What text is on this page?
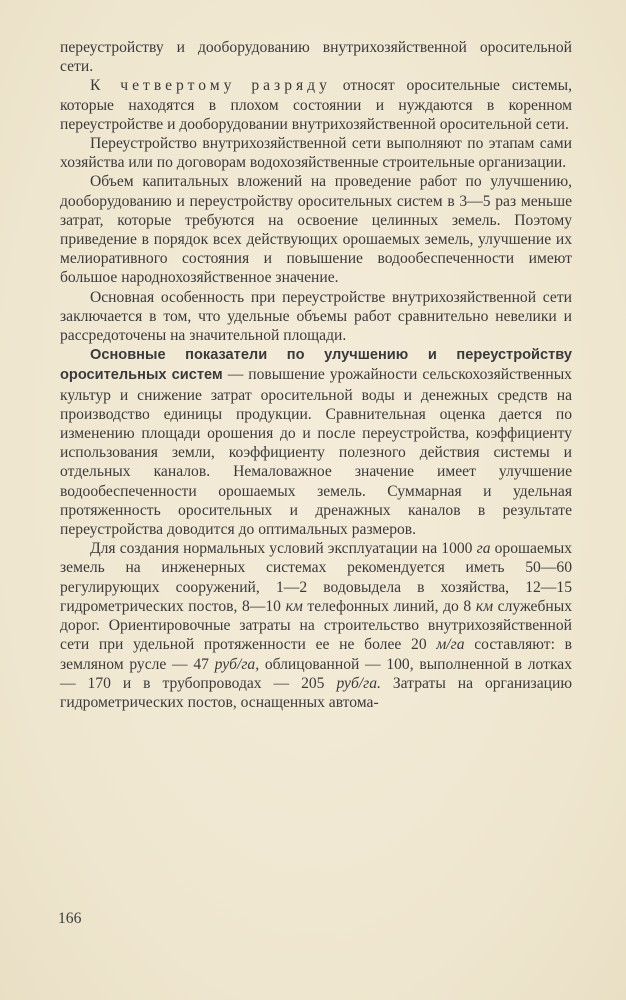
переустройству и дооборудованию внутрихозяйственной оросительной сети.

К четвертому разряду относят оросительные системы, которые находятся в плохом состоянии и нуждаются в коренном переустройстве и дооборудовании внутрихозяйственной оросительной сети.

Переустройство внутрихозяйственной сети выполняют по этапам сами хозяйства или по договорам водохозяйственные строительные организации.

Объем капитальных вложений на проведение работ по улучшению, дооборудованию и переустройству оросительных систем в 3—5 раз меньше затрат, которые требуются на освоение целинных земель. Поэтому приведение в порядок всех действующих орошаемых земель, улучшение их мелиоративного состояния и повышение водообеспеченности имеют большое народнохозяйственное значение.

Основная особенность при переустройстве внутрихозяйственной сети заключается в том, что удельные объемы работ сравнительно невелики и рассредоточены на значительной площади.

Основные показатели по улучшению и переустройству оросительных систем — повышение урожайности сельскохозяйственных культур и снижение затрат оросительной воды и денежных средств на производство единицы продукции. Сравнительная оценка дается по изменению площади орошения до и после переустройства, коэффициенту использования земли, коэффициенту полезного действия системы и отдельных каналов. Немаловажное значение имеет улучшение водообеспеченности орошаемых земель. Суммарная и удельная протяженность оросительных и дренажных каналов в результате переустройства доводится до оптимальных размеров.

Для создания нормальных условий эксплуатации на 1000 га орошаемых земель на инженерных системах рекомендуется иметь 50—60 регулирующих сооружений, 1—2 водовыдела в хозяйства, 12—15 гидрометрических постов, 8—10 км телефонных линий, до 8 км служебных дорог. Ориентировочные затраты на строительство внутрихозяйственной сети при удельной протяженности ее не более 20 м/га составляют: в земляном русле — 47 руб/га, облицованной — 100, выполненной в лотках — 170 и в трубопроводах — 205 руб/га. Затраты на организацию гидрометрических постов, оснащенных автома-

166
